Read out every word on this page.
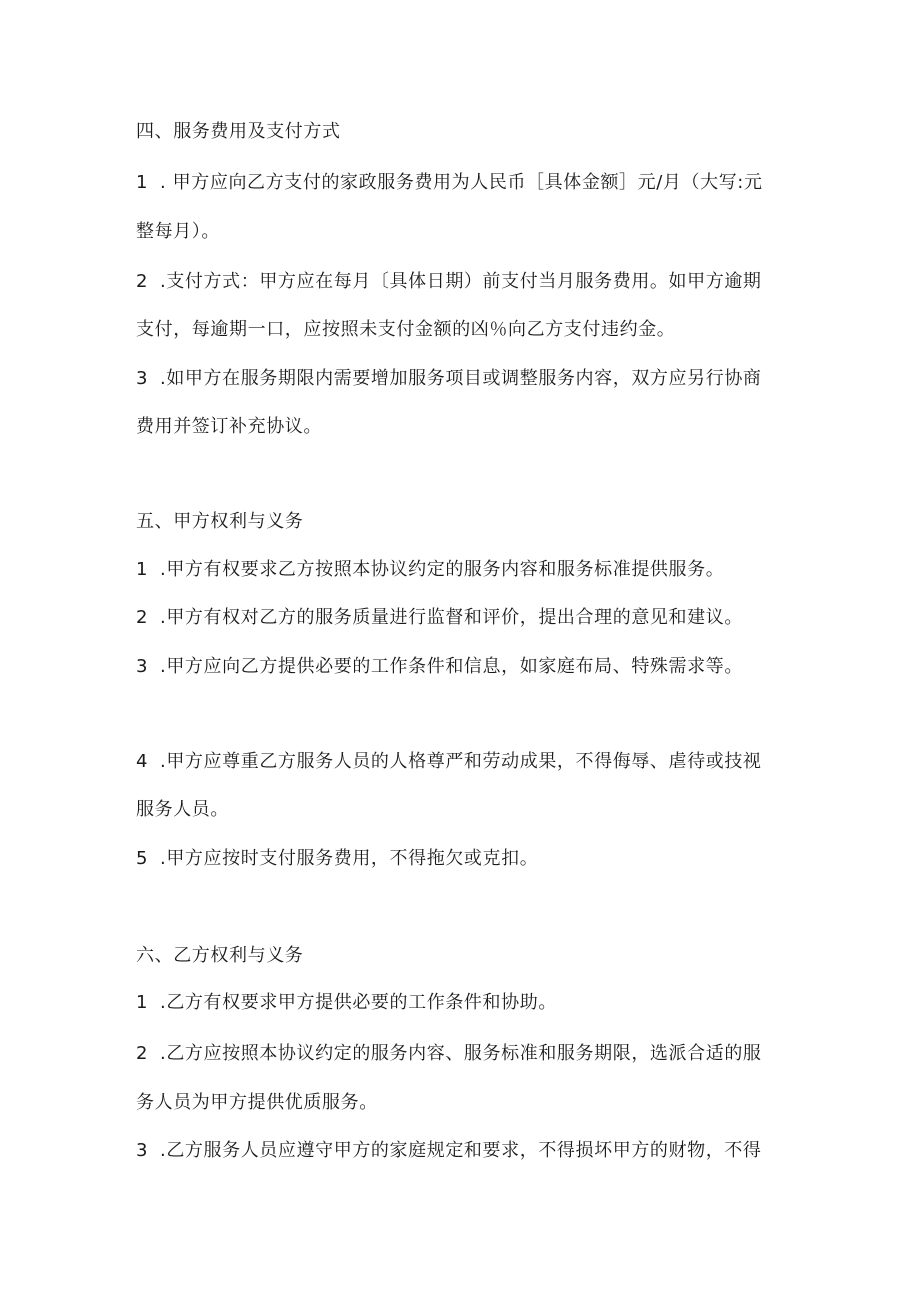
四、服务费用及支付方式

1 . 甲方应向乙方支付的家政服务费用为人民币［具体金额］元/月（大写:元

整每月）。

2 .支付方式：甲方应在每月〔具体日期）前支付当月服务费用。如甲方逾期

支付，每逾期一口，应按照未支付金额的凶％向乙方支付违约金。

3 .如甲方在服务期限内需要增加服务项目或调整服务内容，双方应另行协商

费用并签订补充协议。

五、甲方权利与义务

1 .甲方有权要求乙方按照本协议约定的服务内容和服务标准提供服务。

2 .甲方有权对乙方的服务质量进行监督和评价，提出合理的意见和建议。

3 .甲方应向乙方提供必要的工作条件和信息，如家庭布局、特殊需求等。

4 .甲方应尊重乙方服务人员的人格尊严和劳动成果，不得侮辱、虐待或技视

服务人员。

5 .甲方应按时支付服务费用，不得拖欠或克扣。

六、乙方权利与义务

1 .乙方有权要求甲方提供必要的工作条件和协助。

2 .乙方应按照本协议约定的服务内容、服务标准和服务期限，选派合适的服

务人员为甲方提供优质服务。

3 .乙方服务人员应遵守甲方的家庭规定和要求，不得损坏甲方的财物，不得
